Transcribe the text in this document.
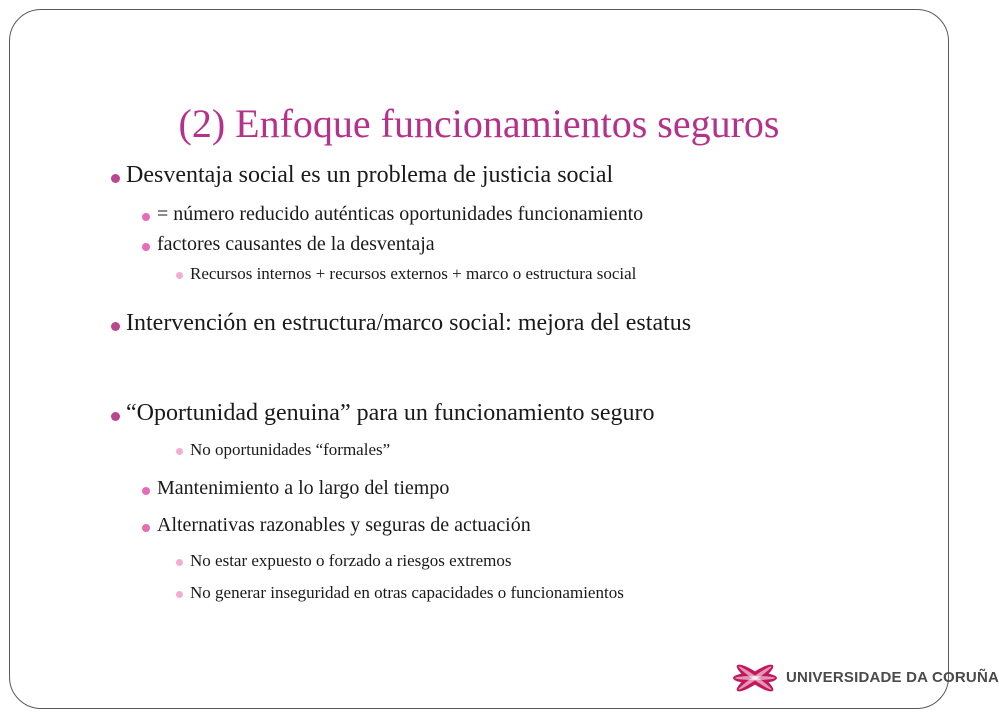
(2) Enfoque funcionamientos seguros
Desventaja social es un problema de justicia social
= número reducido auténticas oportunidades funcionamiento
factores causantes de la desventaja
Recursos internos + recursos externos + marco o estructura social
Intervención en estructura/marco social: mejora del estatus
“Oportunidad genuina” para un funcionamiento seguro
No oportunidades “formales”
Mantenimiento a lo largo del tiempo
Alternativas razonables y seguras de actuación
No estar expuesto o forzado a riesgos extremos
No generar inseguridad en otras capacidades o funcionamientos
UNIVERSIDADE DA CORUÑA
